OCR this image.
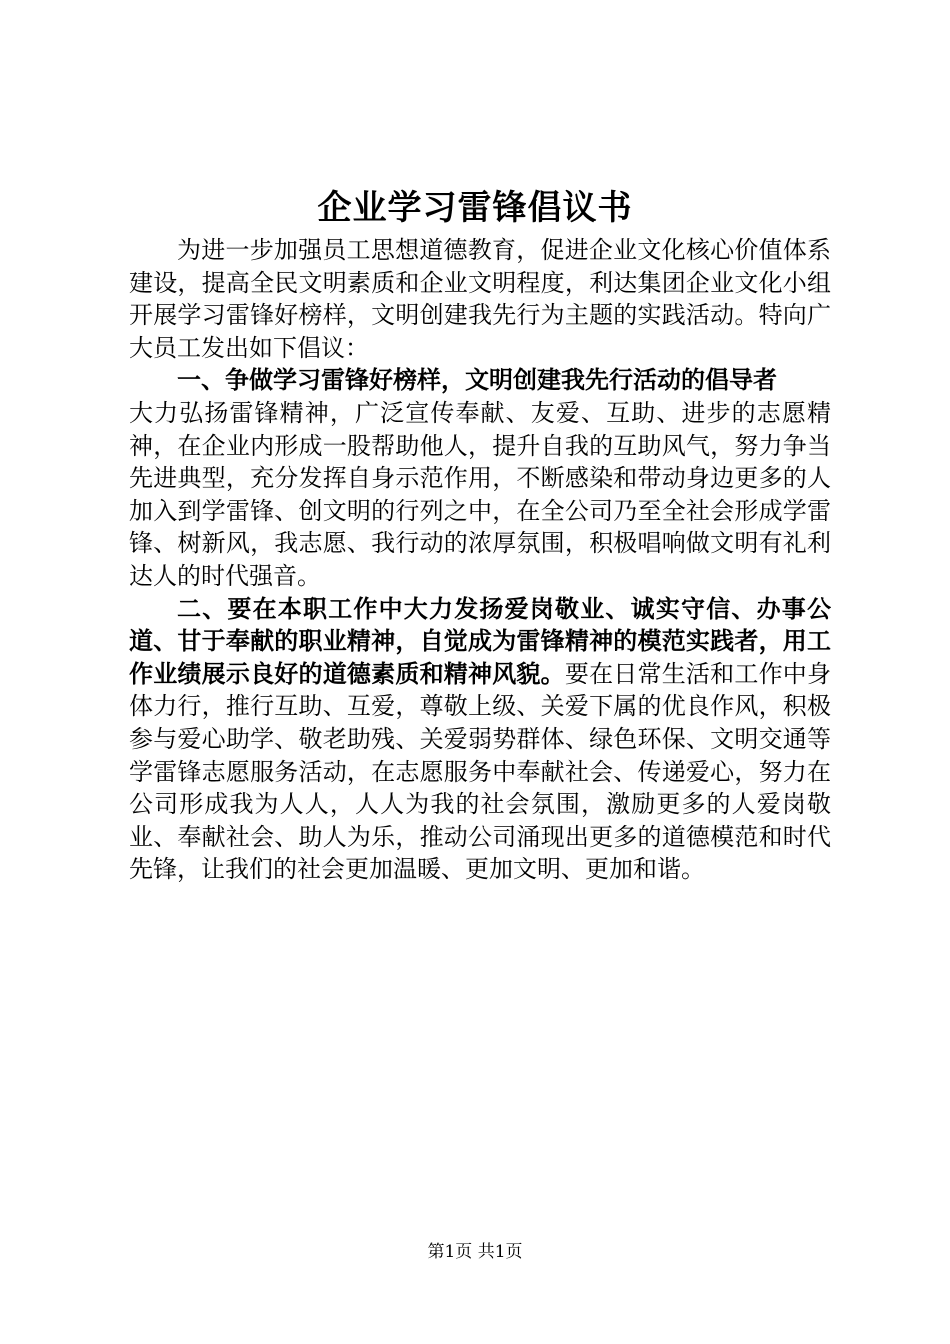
企业学习雷锋倡议书

为进一步加强员工思想道德教育，促进企业文化核心价值体系建设，提高全民文明素质和企业文明程度，利达集团企业文化小组开展学习雷锋好榜样，文明创建我先行为主题的实践活动。特向广大员工发出如下倡议：

一、争做学习雷锋好榜样，文明创建我先行活动的倡导者

大力弘扬雷锋精神，广泛宣传奉献、友爱、互助、进步的志愿精神，在企业内形成一股帮助他人，提升自我的互助风气，努力争当先进典型，充分发挥自身示范作用，不断感染和带动身边更多的人加入到学雷锋、创文明的行列之中，在全公司乃至全社会形成学雷锋、树新风，我志愿、我行动的浓厚氛围，积极唱响做文明有礼利达人的时代强音。

二、要在本职工作中大力发扬爱岗敬业、诚实守信、办事公道、甘于奉献的职业精神，自觉成为雷锋精神的模范实践者，用工作业绩展示良好的道德素质和精神风貌。要在日常生活和工作中身体力行，推行互助、互爱，尊敬上级、关爱下属的优良作风，积极参与爱心助学、敬老助残、关爱弱势群体、绿色环保、文明交通等学雷锋志愿服务活动，在志愿服务中奉献社会、传递爱心，努力在公司形成我为人人，人人为我的社会氛围，激励更多的人爱岗敬业、奉献社会、助人为乐，推动公司涌现出更多的道德模范和时代先锋，让我们的社会更加温暖、更加文明、更加和谐。

第1页 共1页
